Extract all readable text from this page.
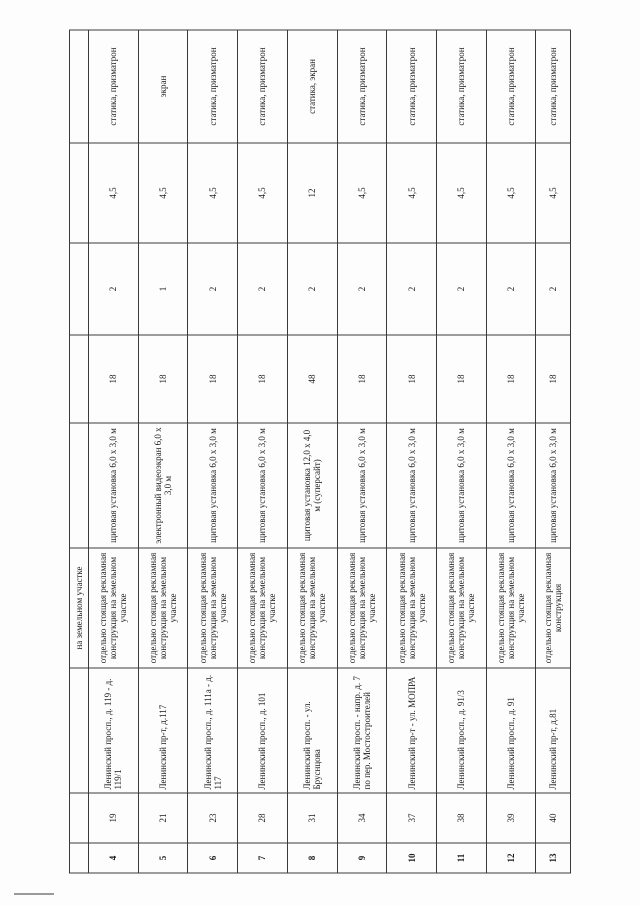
			на земельном участке					
4	19	Ленинский просп., д. 119 - д. 119/1	отдельно стоящая рекламная конструкция на земельном участке	щитовая установка 6,0 х 3,0 м	18	2	4,5	статика, призматрон
5	21	Ленинский пр-т, д.117	отдельно стоящая рекламная конструкция на земельном участке	электронный видеоэкран 6,0 х 3,0 м	18	1	4,5	экран
6	23	Ленинский просп., д. 111а - д. 117	отдельно стоящая рекламная конструкция на земельном участке	щитовая установка 6,0 х 3,0 м	18	2	4,5	статика, призматрон
7	28	Ленинский просп., д. 101	отдельно стоящая рекламная конструкция на земельном участке	щитовая установка 6,0 х 3,0 м	18	2	4,5	статика, призматрон
8	31	Ленинский просп. - ул. Бруснцова	отдельно стоящая рекламная конструкция на земельном участке	щитовая установка 12,0 х 4,0 м (суперсайт)	48	2	12	статика, экран
9	34	Ленинский просп. - напр. д. 7 по пер. Мостостроителей	отдельно стоящая рекламная конструкция на земельном участке	щитовая установка 6,0 х 3,0 м	18	2	4,5	статика, призматрон
10	37	Ленинский пр-т - ул. МОПРА	отдельно стоящая рекламная конструкция на земельном участке	щитовая установка 6,0 х 3,0 м	18	2	4,5	статика, призматрон
11	38	Ленинский просп., д. 91/3	отдельно стоящая рекламная конструкция на земельном участке	щитовая установка 6,0 х 3,0 м	18	2	4,5	статика, призматрон
12	39	Ленинский просп., д. 91	отдельно стоящая рекламная конструкция на земельном участке	щитовая установка 6,0 х 3,0 м	18	2	4,5	статика, призматрон
13	40	Ленинский пр-т, д.81	отдельно стоящая рекламная конструкция	щитовая установка 6,0 х 3,0 м	18	2	4,5	статика, призматрон
